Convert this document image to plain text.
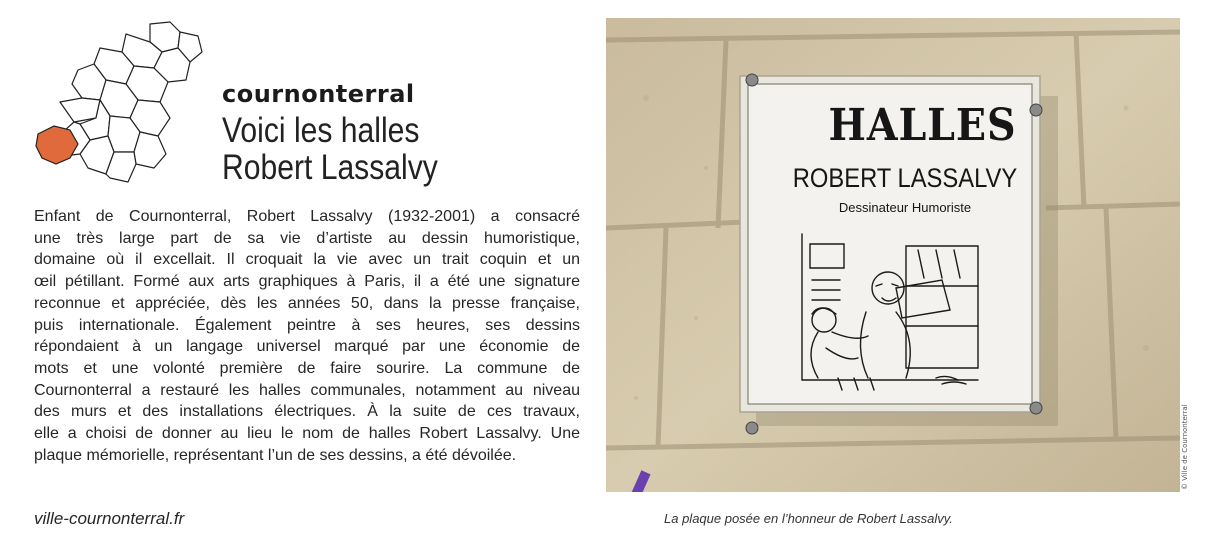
cournonterral
Voici les halles
Robert Lassalvy
Enfant de Cournonterral, Robert Lassalvy (1932-2001) a consacré
une très large part de sa vie d’artiste au dessin humoristique,
domaine où il excellait. Il croquait la vie avec un trait coquin et un
œil pétillant. Formé aux arts graphiques à Paris, il a été une signature
reconnue et appréciée, dès les années 50, dans la presse française,
puis internationale. Également peintre à ses heures, ses dessins
répondaient à un langage universel marqué par une économie de
mots et une volonté première de faire sourire. La commune de
Cournonterral a restauré les halles communales, notamment au niveau
des murs et des installations électriques. À la suite de ces travaux,
elle a choisi de donner au lieu le nom de halles Robert Lassalvy. Une
plaque mémorielle, représentant l’un de ses dessins, a été dévoilée.
ville-cournonterral.fr
HALLES
ROBERT LASSALVY
Dessinateur Humoriste
© Ville de Cournonterral
La plaque posée en l’honneur de Robert Lassalvy.
